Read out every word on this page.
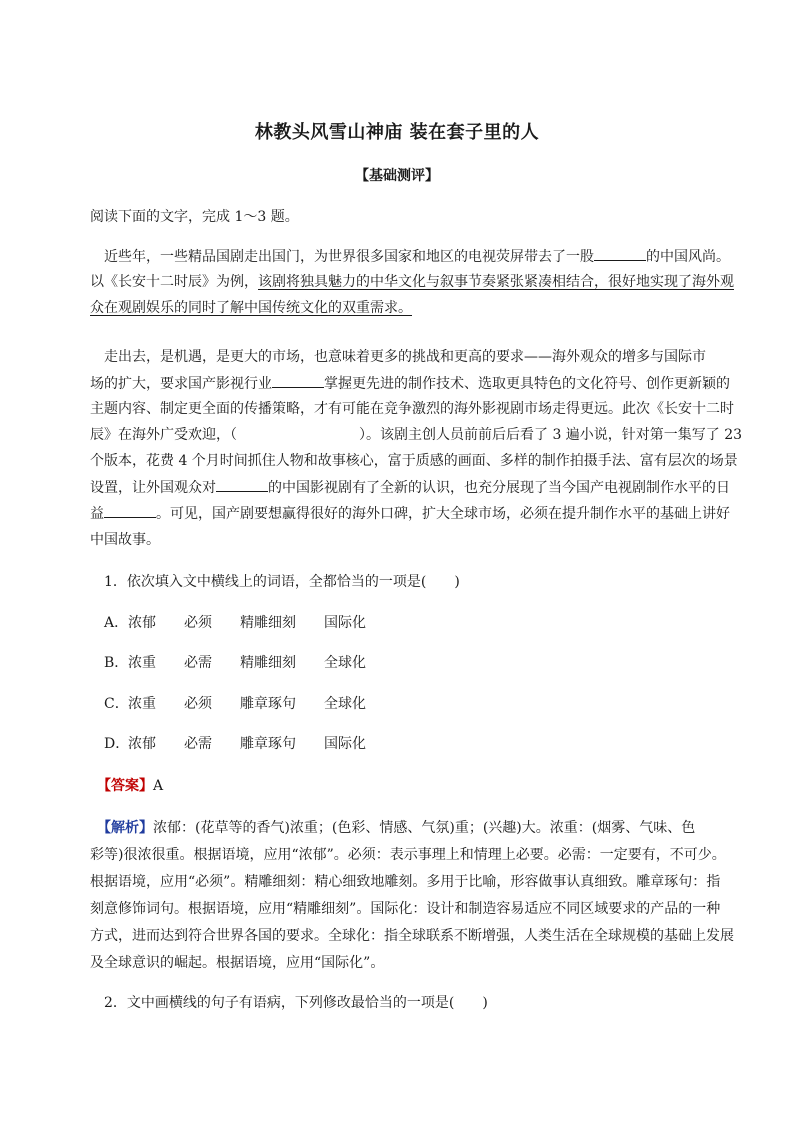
林教头风雪山神庙 装在套子里的人
【基础测评】
阅读下面的文字，完成 1～3 题。
近些年，一些精品国剧走出国门，为世界很多国家和地区的电视荧屏带去了一股	的中国风尚。
以《长安十二时辰》为例，该剧将独具魅力的中华文化与叙事节奏紧张紧凑相结合，很好地实现了海外观
众在观剧娱乐的同时了解中国传统文化的双重需求。
走出去，是机遇，是更大的市场，也意味着更多的挑战和更高的要求——海外观众的增多与国际市
场的扩大，要求国产影视行业	掌握更先进的制作技术、选取更具特色的文化符号、创作更新颖的
主题内容、制定更全面的传播策略，才有可能在竞争激烈的海外影视剧市场走得更远。此次《长安十二时
辰》在海外广受欢迎，（	）。该剧主创人员前前后后看了 3 遍小说，针对第一集写了 23
个版本，花费 4 个月时间抓住人物和故事核心，富于质感的画面、多样的制作拍摄手法、富有层次的场景
设置，让外国观众对	的中国影视剧有了全新的认识，也充分展现了当今国产电视剧制作水平的日
益	。可见，国产剧要想赢得很好的海外口碑，扩大全球市场，必须在提升制作水平的基础上讲好
中国故事。
1．依次填入文中横线上的词语，全都恰当的一项是(　　)
A．浓郁 必须 精雕细刻 国际化
B．浓重 必需 精雕细刻 全球化
C．浓重 必须 雕章琢句 全球化
D．浓郁 必需 雕章琢句 国际化
【答案】A
【解析】浓郁：(花草等的香气)浓重；(色彩、情感、气氛)重；(兴趣)大。浓重：(烟雾、气味、色
彩等)很浓很重。根据语境，应用“浓郁”。必须：表示事理上和情理上必要。必需：一定要有，不可少。
根据语境，应用“必须”。精雕细刻：精心细致地雕刻。多用于比喻，形容做事认真细致。雕章琢句：指
刻意修饰词句。根据语境，应用“精雕细刻”。国际化：设计和制造容易适应不同区域要求的产品的一种
方式，进而达到符合世界各国的要求。全球化：指全球联系不断增强，人类生活在全球规模的基础上发展
及全球意识的崛起。根据语境，应用“国际化”。
2．文中画横线的句子有语病，下列修改最恰当的一项是(　　)
